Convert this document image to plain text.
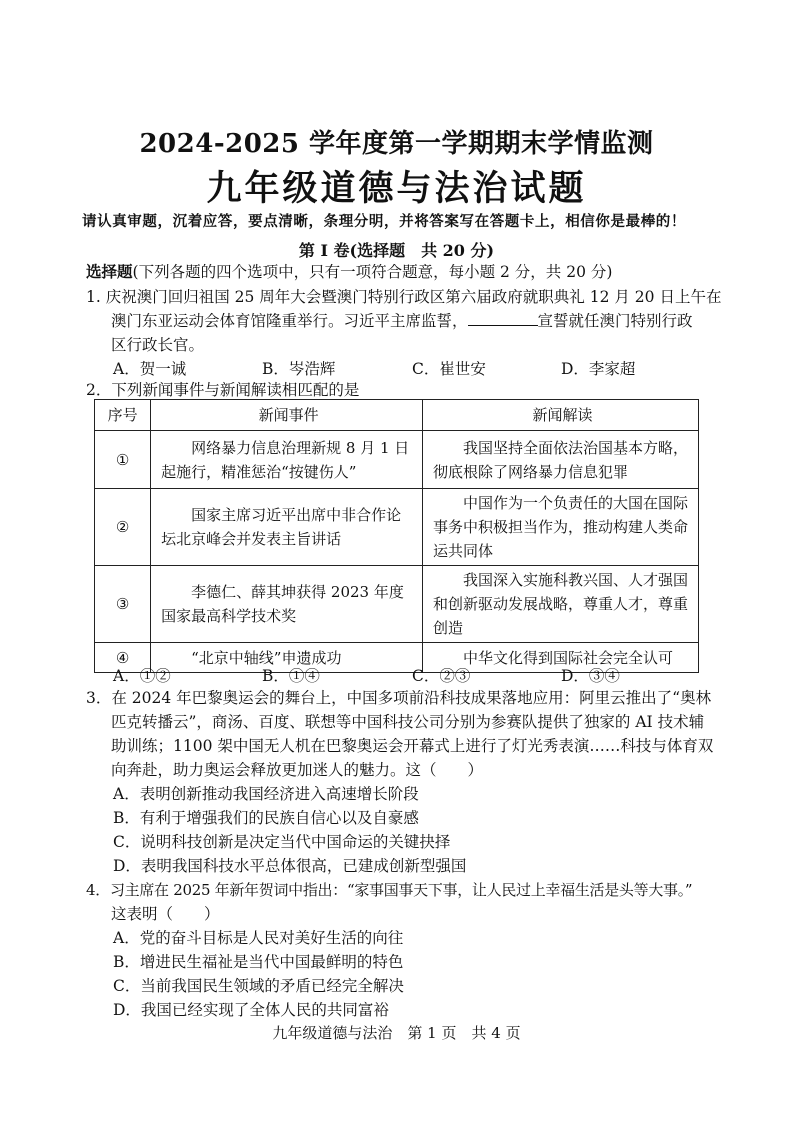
2024-2025 学年度第一学期期末学情监测
九年级道德与法治试题
请认真审题，沉着应答，要点清晰，条理分明，并将答案写在答题卡上，相信你是最棒的！
第 I 卷(选择题　共 20 分)
选择题(下列各题的四个选项中，只有一项符合题意，每小题 2 分，共 20 分)
1. 庆祝澳门回归祖国 25 周年大会暨澳门特别行政区第六届政府就职典礼 12 月 20 日上午在
澳门东亚运动会体育馆隆重举行。习近平主席监誓，	宣誓就任澳门特别行政
区行政长官。
A．贺一诚	B．岑浩辉	C．崔世安	D．李家超
2．下列新闻事件与新闻解读相匹配的是
序号	新闻事件	新闻解读
①	网络暴力信息治理新规 8 月 1 日起施行，精准惩治“按键伤人”	我国坚持全面依法治国基本方略，彻底根除了网络暴力信息犯罪
②	国家主席习近平出席中非合作论坛北京峰会并发表主旨讲话	中国作为一个负责任的大国在国际事务中积极担当作为，推动构建人类命运共同体
③	李德仁、薛其坤获得 2023 年度国家最高科学技术奖	我国深入实施科教兴国、人才强国和创新驱动发展战略，尊重人才，尊重创造
④	“北京中轴线”申遗成功	中华文化得到国际社会完全认可
A．①②	B．①④	C．②③	D．③④
3．在 2024 年巴黎奥运会的舞台上，中国多项前沿科技成果落地应用：阿里云推出了“奥林
匹克转播云”，商汤、百度、联想等中国科技公司分别为参赛队提供了独家的 AI 技术辅
助训练；1100 架中国无人机在巴黎奥运会开幕式上进行了灯光秀表演……科技与体育双
向奔赴，助力奥运会释放更加迷人的魅力。这（　　）
A．表明创新推动我国经济进入高速增长阶段
B．有利于增强我们的民族自信心以及自豪感
C．说明科技创新是决定当代中国命运的关键抉择
D．表明我国科技水平总体很高，已建成创新型强国
4．习主席在 2025 年新年贺词中指出：“家事国事天下事，让人民过上幸福生活是头等大事。”
这表明（　　）
A．党的奋斗目标是人民对美好生活的向往
B．增进民生福祉是当代中国最鲜明的特色
C．当前我国民生领域的矛盾已经完全解决
D．我国已经实现了全体人民的共同富裕
九年级道德与法治　第 1 页　共 4 页
